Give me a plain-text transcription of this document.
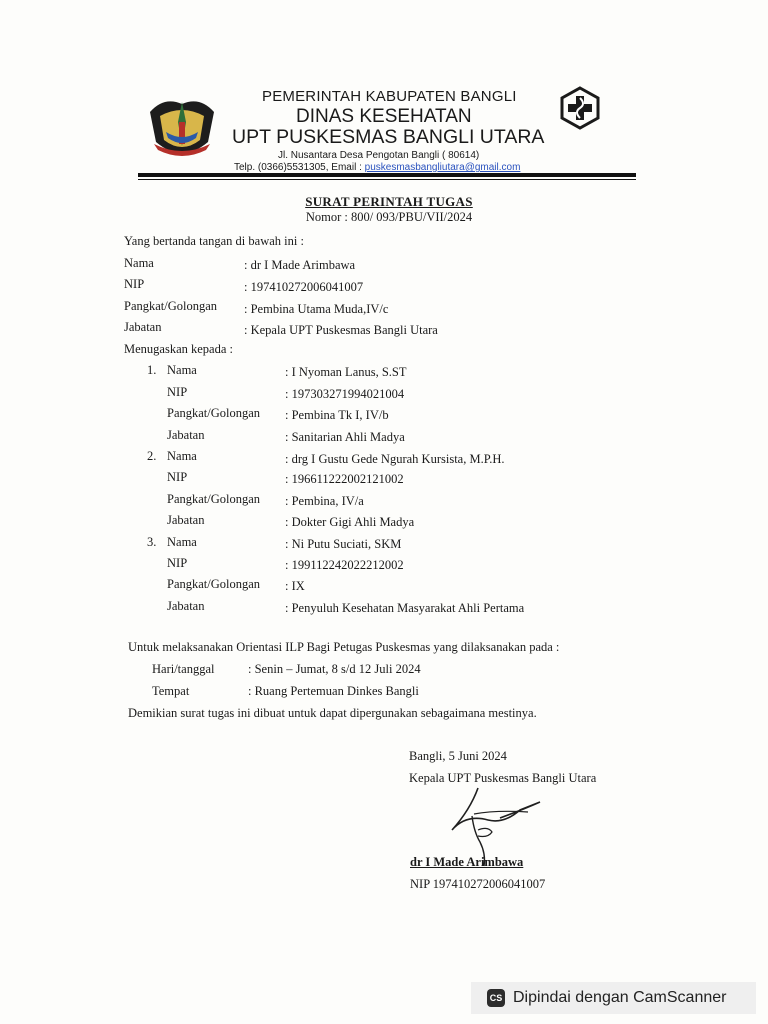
PEMERINTAH KABUPATEN BANGLI
DINAS KESEHATAN
UPT PUSKESMAS BANGLI UTARA
Jl. Nusantara Desa Pengotan Bangli ( 80614)
Telp. (0366)5531305, Email : puskesmasbangliutara@gmail.com
SURAT PERINTAH TUGAS
Nomor : 800/ 093/PBU/VII/2024
Yang bertanda tangan di bawah ini :
Nama	: dr I Made Arimbawa
NIP	: 197410272006041007
Pangkat/Golongan : Pembina Utama Muda,IV/c
Jabatan	: Kepala UPT Puskesmas Bangli Utara
Menugaskan kepada :
1. Nama	: I Nyoman Lanus, S.ST
NIP	: 197303271994021004
Pangkat/Golongan : Pembina Tk I, IV/b
Jabatan	: Sanitarian Ahli Madya
2. Nama	: drg I Gustu Gede Ngurah Kursista, M.P.H.
NIP	: 196611222002121002
Pangkat/Golongan : Pembina, IV/a
Jabatan	: Dokter Gigi Ahli Madya
3. Nama	: Ni Putu Suciati, SKM
NIP	: 199112242022212002
Pangkat/Golongan : IX
Jabatan	: Penyuluh Kesehatan Masyarakat Ahli Pertama
Untuk melaksanakan Orientasi ILP Bagi Petugas Puskesmas yang dilaksanakan pada :
Hari/tanggal	: Senin – Jumat, 8 s/d 12 Juli 2024
Tempat	: Ruang Pertemuan Dinkes Bangli
Demikian surat tugas ini dibuat untuk dapat dipergunakan sebagaimana mestinya.
Bangli, 5 Juni 2024
Kepala UPT Puskesmas Bangli Utara
dr I Made Arimbawa
NIP 197410272006041007
CS Dipindai dengan CamScanner
